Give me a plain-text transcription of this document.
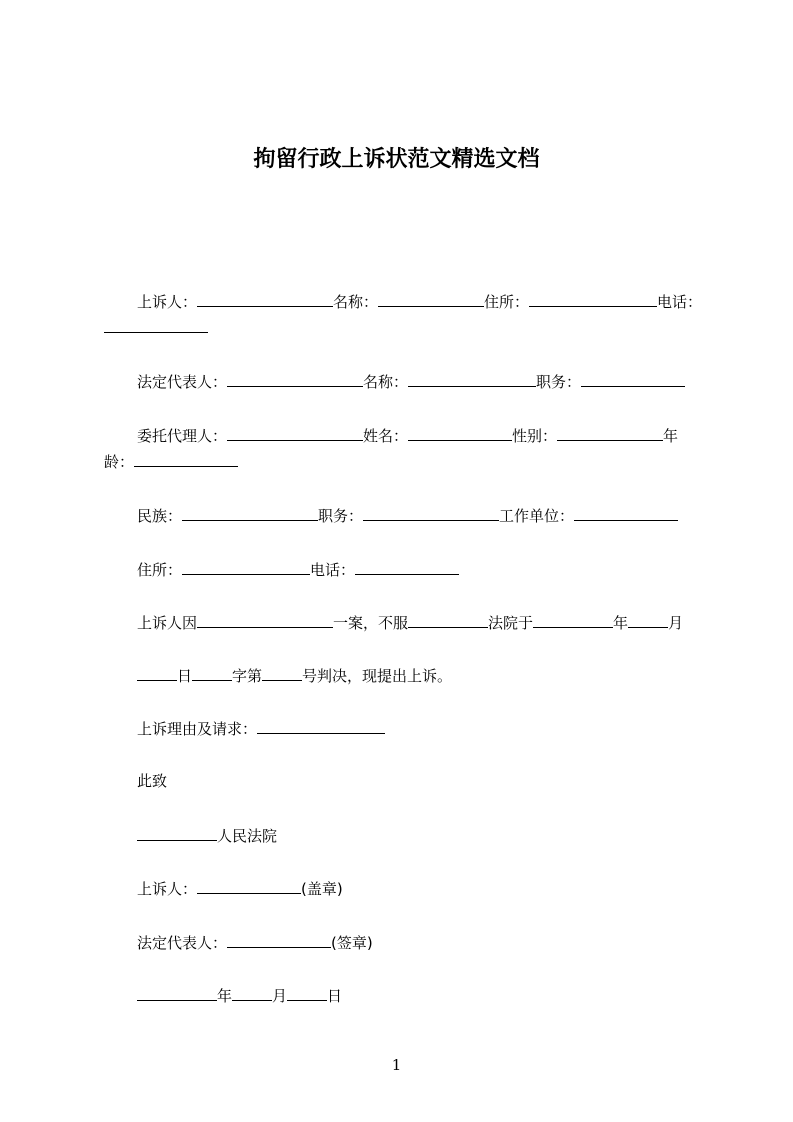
拘留行政上诉状范文精选文档
上诉人：	名称：	住所：	电话：
法定代表人：	名称：	职务：
委托代理人：	姓名：	性别：	年
龄：
民族：	职务：	工作单位：
住所：	电话：
上诉人因	一案，不服	法院于	年	月
日	字第	号判决，现提出上诉。
上诉理由及请求：
此致
人民法院
上诉人：	(盖章)
法定代表人：	(签章)
年	月	日
1
